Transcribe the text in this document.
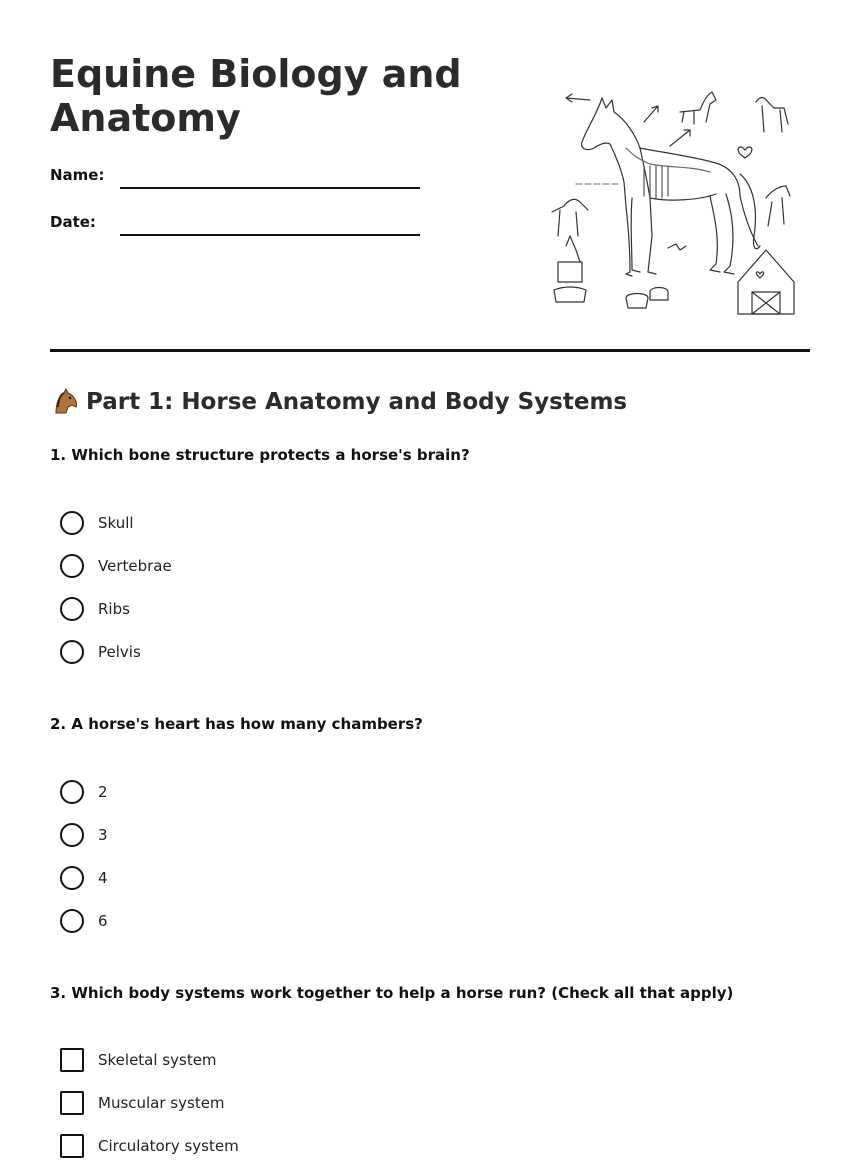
Equine Biology and Anatomy
Name:
Date:
Part 1: Horse Anatomy and Body Systems
1. Which bone structure protects a horse's brain?
Skull
Vertebrae
Ribs
Pelvis
2. A horse's heart has how many chambers?
2
3
4
6
3. Which body systems work together to help a horse run? (Check all that apply)
Skeletal system
Muscular system
Circulatory system
